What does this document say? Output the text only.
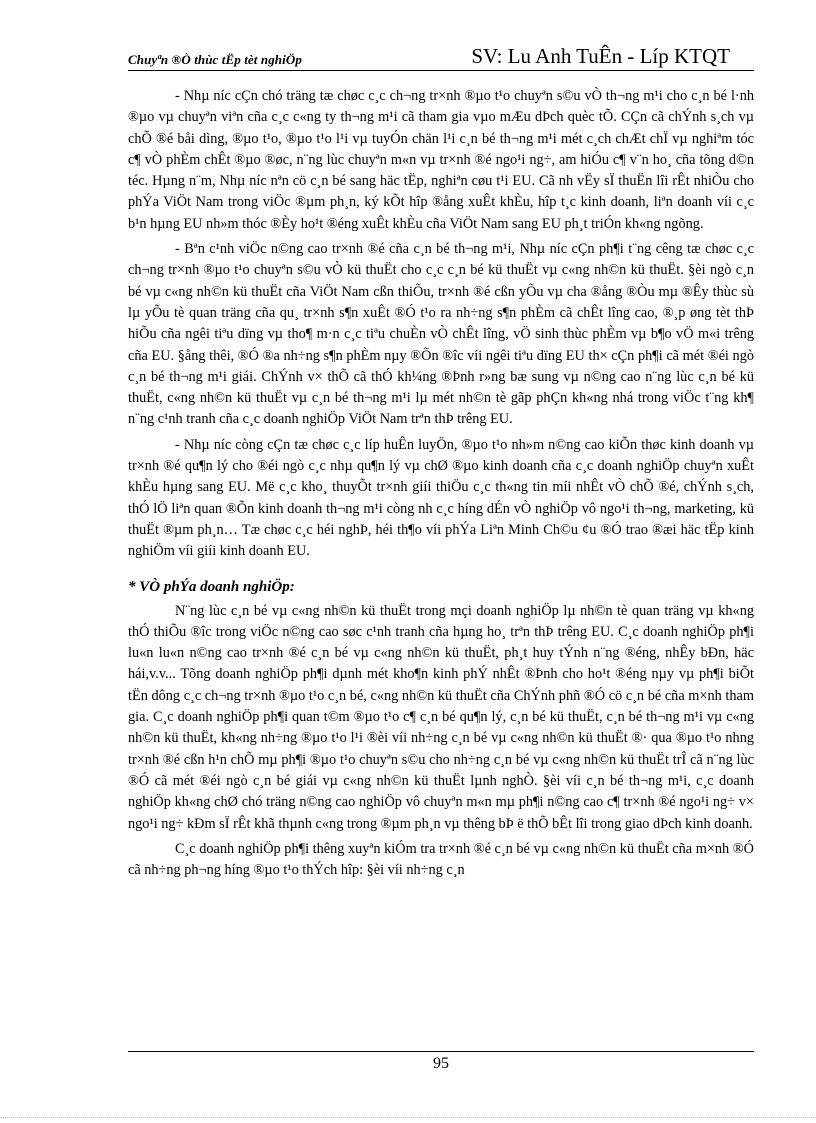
Chuyªn ®Ò thùc tËp tèt nghiÖp	SV: Lu Anh TuÊn - Líp KTQT

- Nhµ níc cÇn chó träng tæ chøc c¸c ch¬ng tr×nh ®µo t¹o chuyªn s©u vÒ th¬ng m¹i cho c¸n bé l·nh ®µo vµ chuyªn viªn cña c¸c c«ng ty th¬ng m¹i cã tham gia vµo mÆu dÞch quèc tÕ. CÇn cã chÝnh s¸ch vµ chÕ ®é båi dìng, ®µo t¹o, ®µo t¹o l¹i vµ tuyÓn chän l¹i c¸n bé th¬ng m¹i mét c¸ch chÆt chÏ vµ nghiªm tóc c¶ vÒ phÈm chÊt ®µo ®øc, n¨ng lùc chuyªn m«n vµ tr×nh ®é ngo¹i ng÷, am hiÓu c¶ v¨n ho¸ cña tõng d©n téc. Hµng n¨m, Nhµ níc nªn cö c¸n bé sang häc tËp, nghiªn cøu t¹i EU. Cã nh vËy sÏ thuËn lîi rÊt nhiÒu cho phÝa ViÖt Nam trong viÖc ®µm ph¸n, ký kÕt hîp ®ång xuÊt khÈu, hîp t¸c kinh doanh, liªn doanh víi c¸c b¹n hµng EU nh»m thóc ®Èy ho¹t ®éng xuÊt khÈu cña ViÖt Nam sang EU ph¸t triÓn kh«ng ngõng.

- Bªn c¹nh viÖc n©ng cao tr×nh ®é cña c¸n bé th¬ng m¹i, Nhµ níc cÇn ph¶i t¨ng cêng tæ chøc c¸c ch¬ng tr×nh ®µo t¹o chuyªn s©u vÒ kü thuËt cho c¸c c¸n bé kü thuËt vµ c«ng nh©n kü thuËt. §èi ngò c¸n bé vµ c«ng nh©n kü thuËt cña ViÖt Nam cßn thiÕu, tr×nh ®é cßn yÕu vµ cha ®ång ®Òu mµ ®Êy thùc sù lµ yÕu tè quan träng cña qu¸ tr×nh s¶n xuÊt ®Ó t¹o ra nh÷ng s¶n phÈm cã chÊt lîng cao, ®¸p øng tèt thÞ hiÕu cña ngêi tiªu dïng vµ tho¶ m·n c¸c tiªu chuÈn vÒ chÊt lîng, vÖ sinh thùc phÈm vµ b¶o vÖ m«i trêng cña EU. §ång thêi, ®Ó ®a nh÷ng s¶n phÈm nµy ®Õn ®îc víi ngêi tiªu dïng EU th× cÇn ph¶i cã mét ®éi ngò c¸n bé th¬ng m¹i giái. ChÝnh v× thÕ cã thÓ kh¼ng ®Þnh r»ng bæ sung vµ n©ng cao n¨ng lùc c¸n bé kü thuËt, c«ng nh©n kü thuËt vµ c¸n bé th¬ng m¹i lµ mét nh©n tè gãp phÇn kh«ng nhá trong viÖc t¨ng kh¶ n¨ng c¹nh tranh cña c¸c doanh nghiÖp ViÖt Nam trªn thÞ trêng EU.

- Nhµ níc còng cÇn tæ chøc c¸c líp huÊn luyÖn, ®µo t¹o nh»m n©ng cao kiÕn thøc kinh doanh vµ tr×nh ®é qu¶n lý cho ®éi ngò c¸c nhµ qu¶n lý vµ chØ ®µo kinh doanh cña c¸c doanh nghiÖp chuyªn xuÊt khÈu hµng sang EU. Më c¸c kho¸ thuyÕt tr×nh giíi thiÖu c¸c th«ng tin míi nhÊt vÒ chÕ ®é, chÝnh s¸ch, thÓ lÖ liªn quan ®Õn kinh doanh th¬ng m¹i còng nh c¸c híng dÉn vÒ nghiÖp vô ngo¹i th¬ng, marketing, kü thuËt ®µm ph¸n… Tæ chøc c¸c héi nghÞ, héi th¶o víi phÝa Liªn Minh Ch©u ¢u ®Ó trao ®æi häc tËp kinh nghiÖm víi giíi kinh doanh EU.

* VÒ phÝa doanh nghiÖp:

N¨ng lùc c¸n bé vµ c«ng nh©n kü thuËt trong mçi doanh nghiÖp lµ nh©n tè quan träng vµ kh«ng thÓ thiÕu ®îc trong viÖc n©ng cao søc c¹nh tranh cña hµng ho¸ trªn thÞ trêng EU. C¸c doanh nghiÖp ph¶i lu«n lu«n n©ng cao tr×nh ®é c¸n bé vµ c«ng nh©n kü thuËt, ph¸t huy tÝnh n¨ng ®éng, nhÊy bÐn, häc hái,v.v... Tõng doanh nghiÖp ph¶i dµnh mét kho¶n kinh phÝ nhÊt ®Þnh cho ho¹t ®éng nµy vµ ph¶i biÕt tËn dông c¸c ch¬ng tr×nh ®µo t¹o c¸n bé, c«ng nh©n kü thuËt cña ChÝnh phñ ®Ó cö c¸n bé cña m×nh tham gia. C¸c doanh nghiÖp ph¶i quan t©m ®µo t¹o c¶ c¸n bé qu¶n lý, c¸n bé kü thuËt, c¸n bé th¬ng m¹i vµ c«ng nh©n kü thuËt, kh«ng nh÷ng ®µo t¹o l¹i ®èi víi nh÷ng c¸n bé vµ c«ng nh©n kü thuËt ®· qua ®µo t¹o nhng tr×nh ®é cßn h¹n chÕ mµ ph¶i ®µo t¹o chuyªn s©u cho nh÷ng c¸n bé vµ c«ng nh©n kü thuËt trÎ cã n¨ng lùc ®Ó cã mét ®éi ngò c¸n bé giái vµ c«ng nh©n kü thuËt lµnh nghÒ. §èi víi c¸n bé th¬ng m¹i, c¸c doanh nghiÖp kh«ng chØ chó träng n©ng cao nghiÖp vô chuyªn m«n mµ ph¶i n©ng cao c¶ tr×nh ®é ngo¹i ng÷ v× ngo¹i ng÷ kÐm sÏ rÊt khã thµnh c«ng trong ®µm ph¸n vµ thêng bÞ ë thÕ bÊt lîi trong giao dÞch kinh doanh.

C¸c doanh nghiÖp ph¶i thêng xuyªn kiÓm tra tr×nh ®é c¸n bé vµ c«ng nh©n kü thuËt cña m×nh ®Ó cã nh÷ng ph¬ng híng ®µo t¹o thÝch hîp: §èi víi nh÷ng c¸n

95
